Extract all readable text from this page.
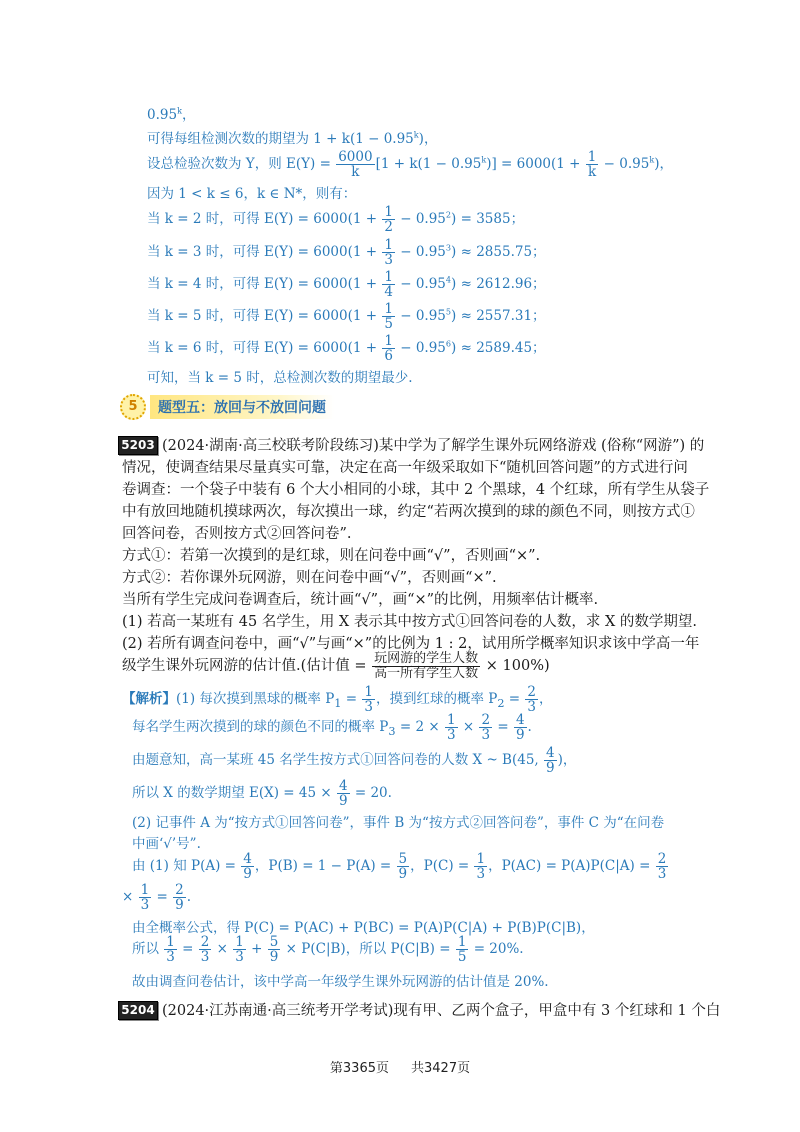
0.95$^k$，
可得每组检测次数的期望为 $1 + k(1 - 0.95^k)$，
设总检验次数为 Y，则 $E(Y) = \frac{6000}{k} [1 + k(1 - 0.95^k)] = 6000(1 + \frac{1}{k} - 0.95^k)$，
因为 1 < k ≤ 6，k ∈ N*，则有：
当 k = 2 时，可得 $E(Y) = 6000(1 + \frac{1}{2} - 0.95^2) = 3585$；
当 k = 3 时，可得 $E(Y) = 6000(1 + \frac{1}{3} - 0.95^3) \approx 2855.75$；
当 k = 4 时，可得 $E(Y) = 6000(1 + \frac{1}{4} - 0.95^4) \approx 2612.96$；
当 k = 5 时，可得 $E(Y) = 6000(1 + \frac{1}{5} - 0.95^5) \approx 2557.31$；
当 k = 6 时，可得 $E(Y) = 6000(1 + \frac{1}{6} - 0.95^6) \approx 2589.45$；
可知，当 k = 5 时，总检测次数的期望最少.
5	题型五：放回与不放回问题
5203 (2024·湖南·高三校联考阶段练习)某中学为了解学生课外玩网络游戏 (俗称“网游”) 的
情况，使调查结果尽量真实可靠，决定在高一年级采取如下“随机回答问题”的方式进行问
卷调查：一个袋子中装有 6 个大小相同的小球，其中 2 个黑球，4 个红球，所有学生从袋子
中有放回地随机摸球两次，每次摸出一球，约定“若两次摸到的球的颜色不同，则按方式①
回答问卷，否则按方式②回答问卷”.
方式①：若第一次摸到的是红球，则在问卷中画“√”，否则画“×”.
方式②：若你课外玩网游，则在问卷中画“√”，否则画“×”.
当所有学生完成问卷调查后，统计画“√”，画“×”的比例，用频率估计概率.
(1) 若高一某班有 45 名学生，用 X 表示其中按方式①回答问卷的人数，求 X 的数学期望.
(2) 若所有调查问卷中，画“√”与画“×”的比例为 1 : 2，试用所学概率知识求该中学高一年
级学生课外玩网游的估计值.(估计值 = $\frac{\text{玩网游的学生人数}}{\text{高一所有学生人数}} \times 100\%$)
【解析】(1) 每次摸到黑球的概率 $P_1 = \frac{1}{3}$ ，摸到红球的概率 $P_2 = \frac{2}{3}$ ，
每名学生两次摸到的球的颜色不同的概率 $P_3 = 2 \times \frac{1}{3} \times \frac{2}{3} = \frac{4}{9}$ .
由题意知，高一某班 45 名学生按方式①回答问卷的人数 X ~ B(45, $\frac{4}{9}$ )，
所以 X 的数学期望 $E(X) = 45 \times \frac{4}{9} = 20$.
(2) 记事件 A 为“按方式①回答问卷”，事件 B 为“按方式②回答问卷”，事件 C 为“在问卷
中画‘√’号”.
由 (1) 知 $P(A) = \frac{4}{9}$ ，$P(B) = 1 - P(A) = \frac{5}{9}$ ，$P(C) = \frac{1}{3}$ ，$P(AC) = P(A)P(C|A) = \frac{2}{3}$
× $\frac{1}{3} = \frac{2}{9}$ .
由全概率公式，得 P(C) = P(AC) + P(BC) = P(A)P(C|A) + P(B)P(C|B)，
所以 $\frac{1}{3} = \frac{2}{3} \times \frac{1}{3} + \frac{5}{9} \times P(C|B)$，所以 $P(C|B) = \frac{1}{5} = 20\%$.
故由调查问卷估计，该中学高一年级学生课外玩网游的估计值是 20%.
5204 (2024·江苏南通·高三统考开学考试)现有甲、乙两个盒子，甲盒中有 3 个红球和 1 个白
第3365页 共3427页
